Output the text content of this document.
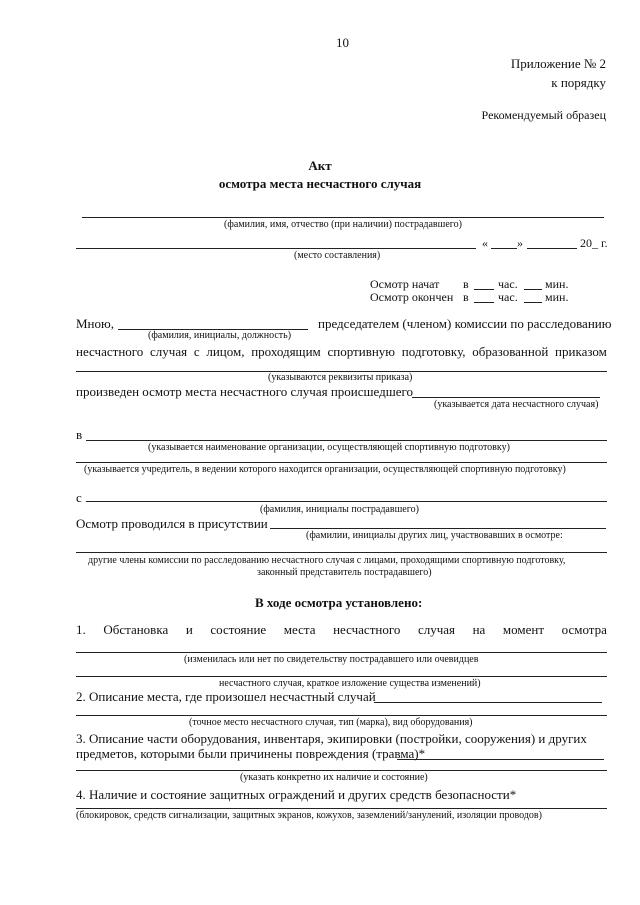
10
Приложение № 2
к порядку
Рекомендуемый образец
Акт
осмотра места несчастного случая
(фамилия, имя, отчество (при наличии) пострадавшего)
« »	20_ г.
(место составления)
Осмотр начат в час. мин.
Осмотр окончен в час. мин.
Мною,
(фамилия, инициалы, должность)
председателем (членом) комиссии по расследованию
несчастного случая с лицом, проходящим спортивную подготовку, образованной приказом
(указываются реквизиты приказа)
произведен осмотр места несчастного случая происшедшего
(указывается дата несчастного случая)
в
(указывается наименование организации, осуществляющей спортивную подготовку)
(указывается учредитель, в ведении которого находится организации, осуществляющей спортивную подготовку)
с
(фамилия, инициалы пострадавшего)
Осмотр проводился в присутствии
(фамилии, инициалы других лиц, участвовавших в осмотре:
другие члены комиссии по расследованию несчастного случая с лицами, проходящими спортивную подготовку,
законный представитель пострадавшего)
В ходе осмотра установлено:
1. Обстановка и состояние места несчастного случая на момент осмотра
(изменилась или нет по свидетельству пострадавшего или очевидцев
несчастного случая, краткое изложение существа изменений)
2. Описание места, где произошел несчастный случай
(точное место несчастного случая, тип (марка), вид оборудования)
3. Описание части оборудования, инвентаря, экипировки (постройки, сооружения) и других
предметов, которыми были причинены повреждения (травма)*
(указать конкретно их наличие и состояние)
4. Наличие и состояние защитных ограждений и других средств безопасности*
(блокировок, средств сигнализации, защитных экранов, кожухов, заземлений/занулений, изоляции проводов)
